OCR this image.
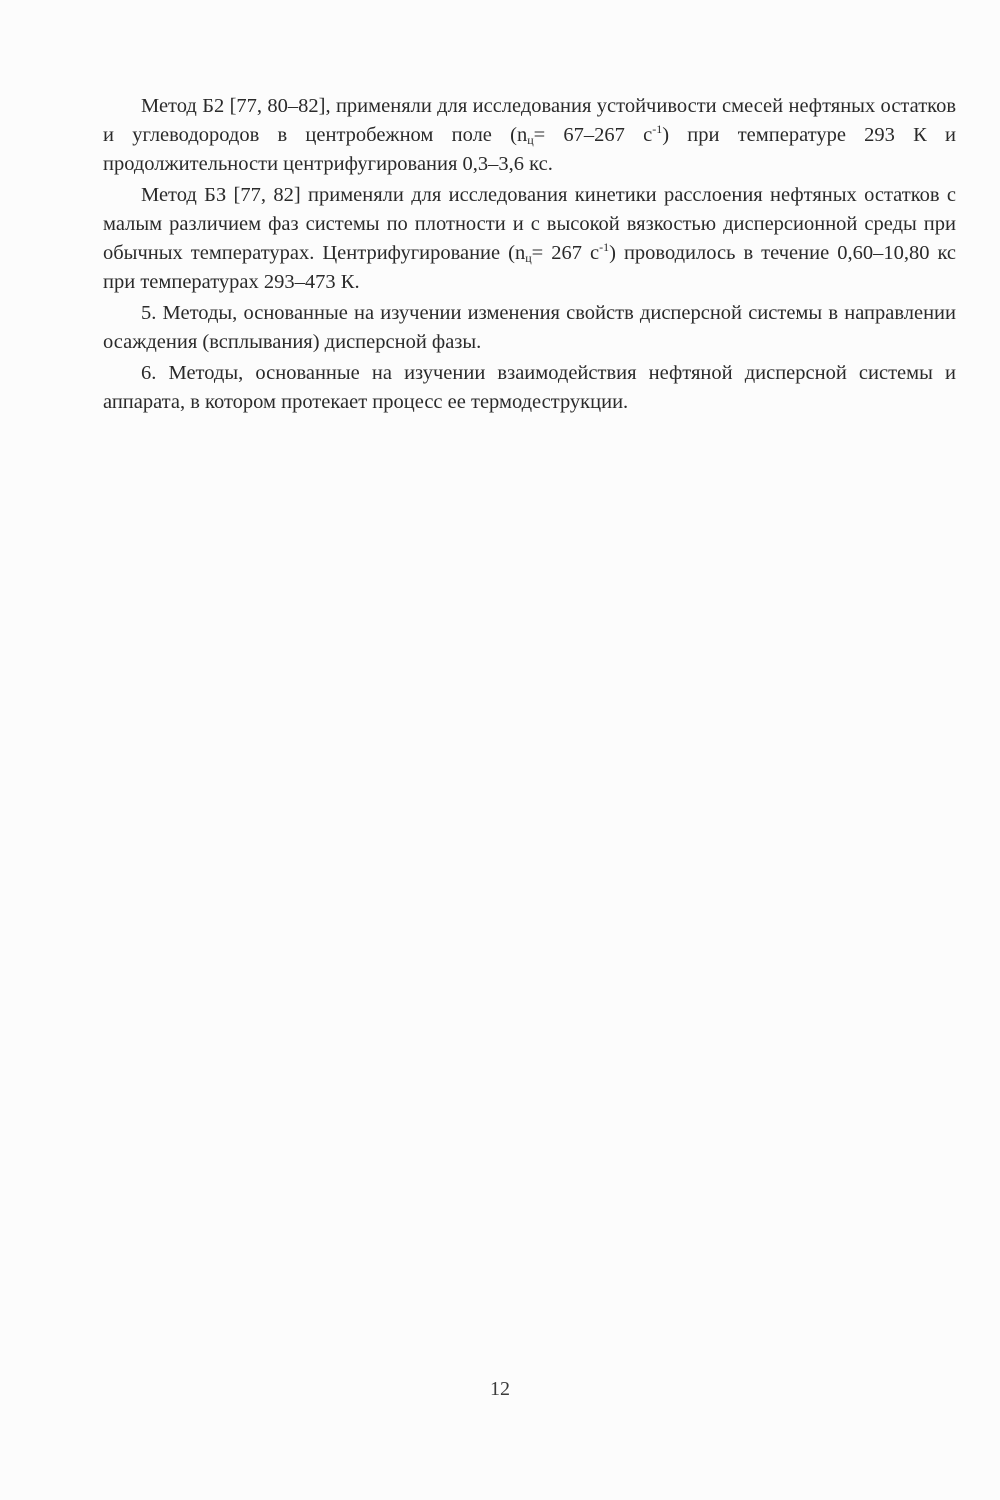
Метод Б2 [77, 80–82], применяли для исследования устойчивости смесей нефтяных остатков и углеводородов в центробежном поле ($n_ц= 67-267$ $с^{-1}$) при температуре 293 К и продолжительности центрифугирования 0,3–3,6 кс.

Метод БЗ [77, 82] применяли для исследования кинетики расслоения нефтяных остатков с малым различием фаз системы по плотности и с высокой вязкостью дисперсионной среды при обычных температурах. Центрифугирование ($n_ц= 267$ $с^{-1}$) проводилось в течение 0,60–10,80 кс при температурах 293–473 К.

5. Методы, основанные на изучении изменения свойств дисперсной системы в направлении осаждения (всплывания) дисперсной фазы.

6. Методы, основанные на изучении взаимодействия нефтяной дисперсной системы и аппарата, в котором протекает процесс ее термодеструкции.

12
